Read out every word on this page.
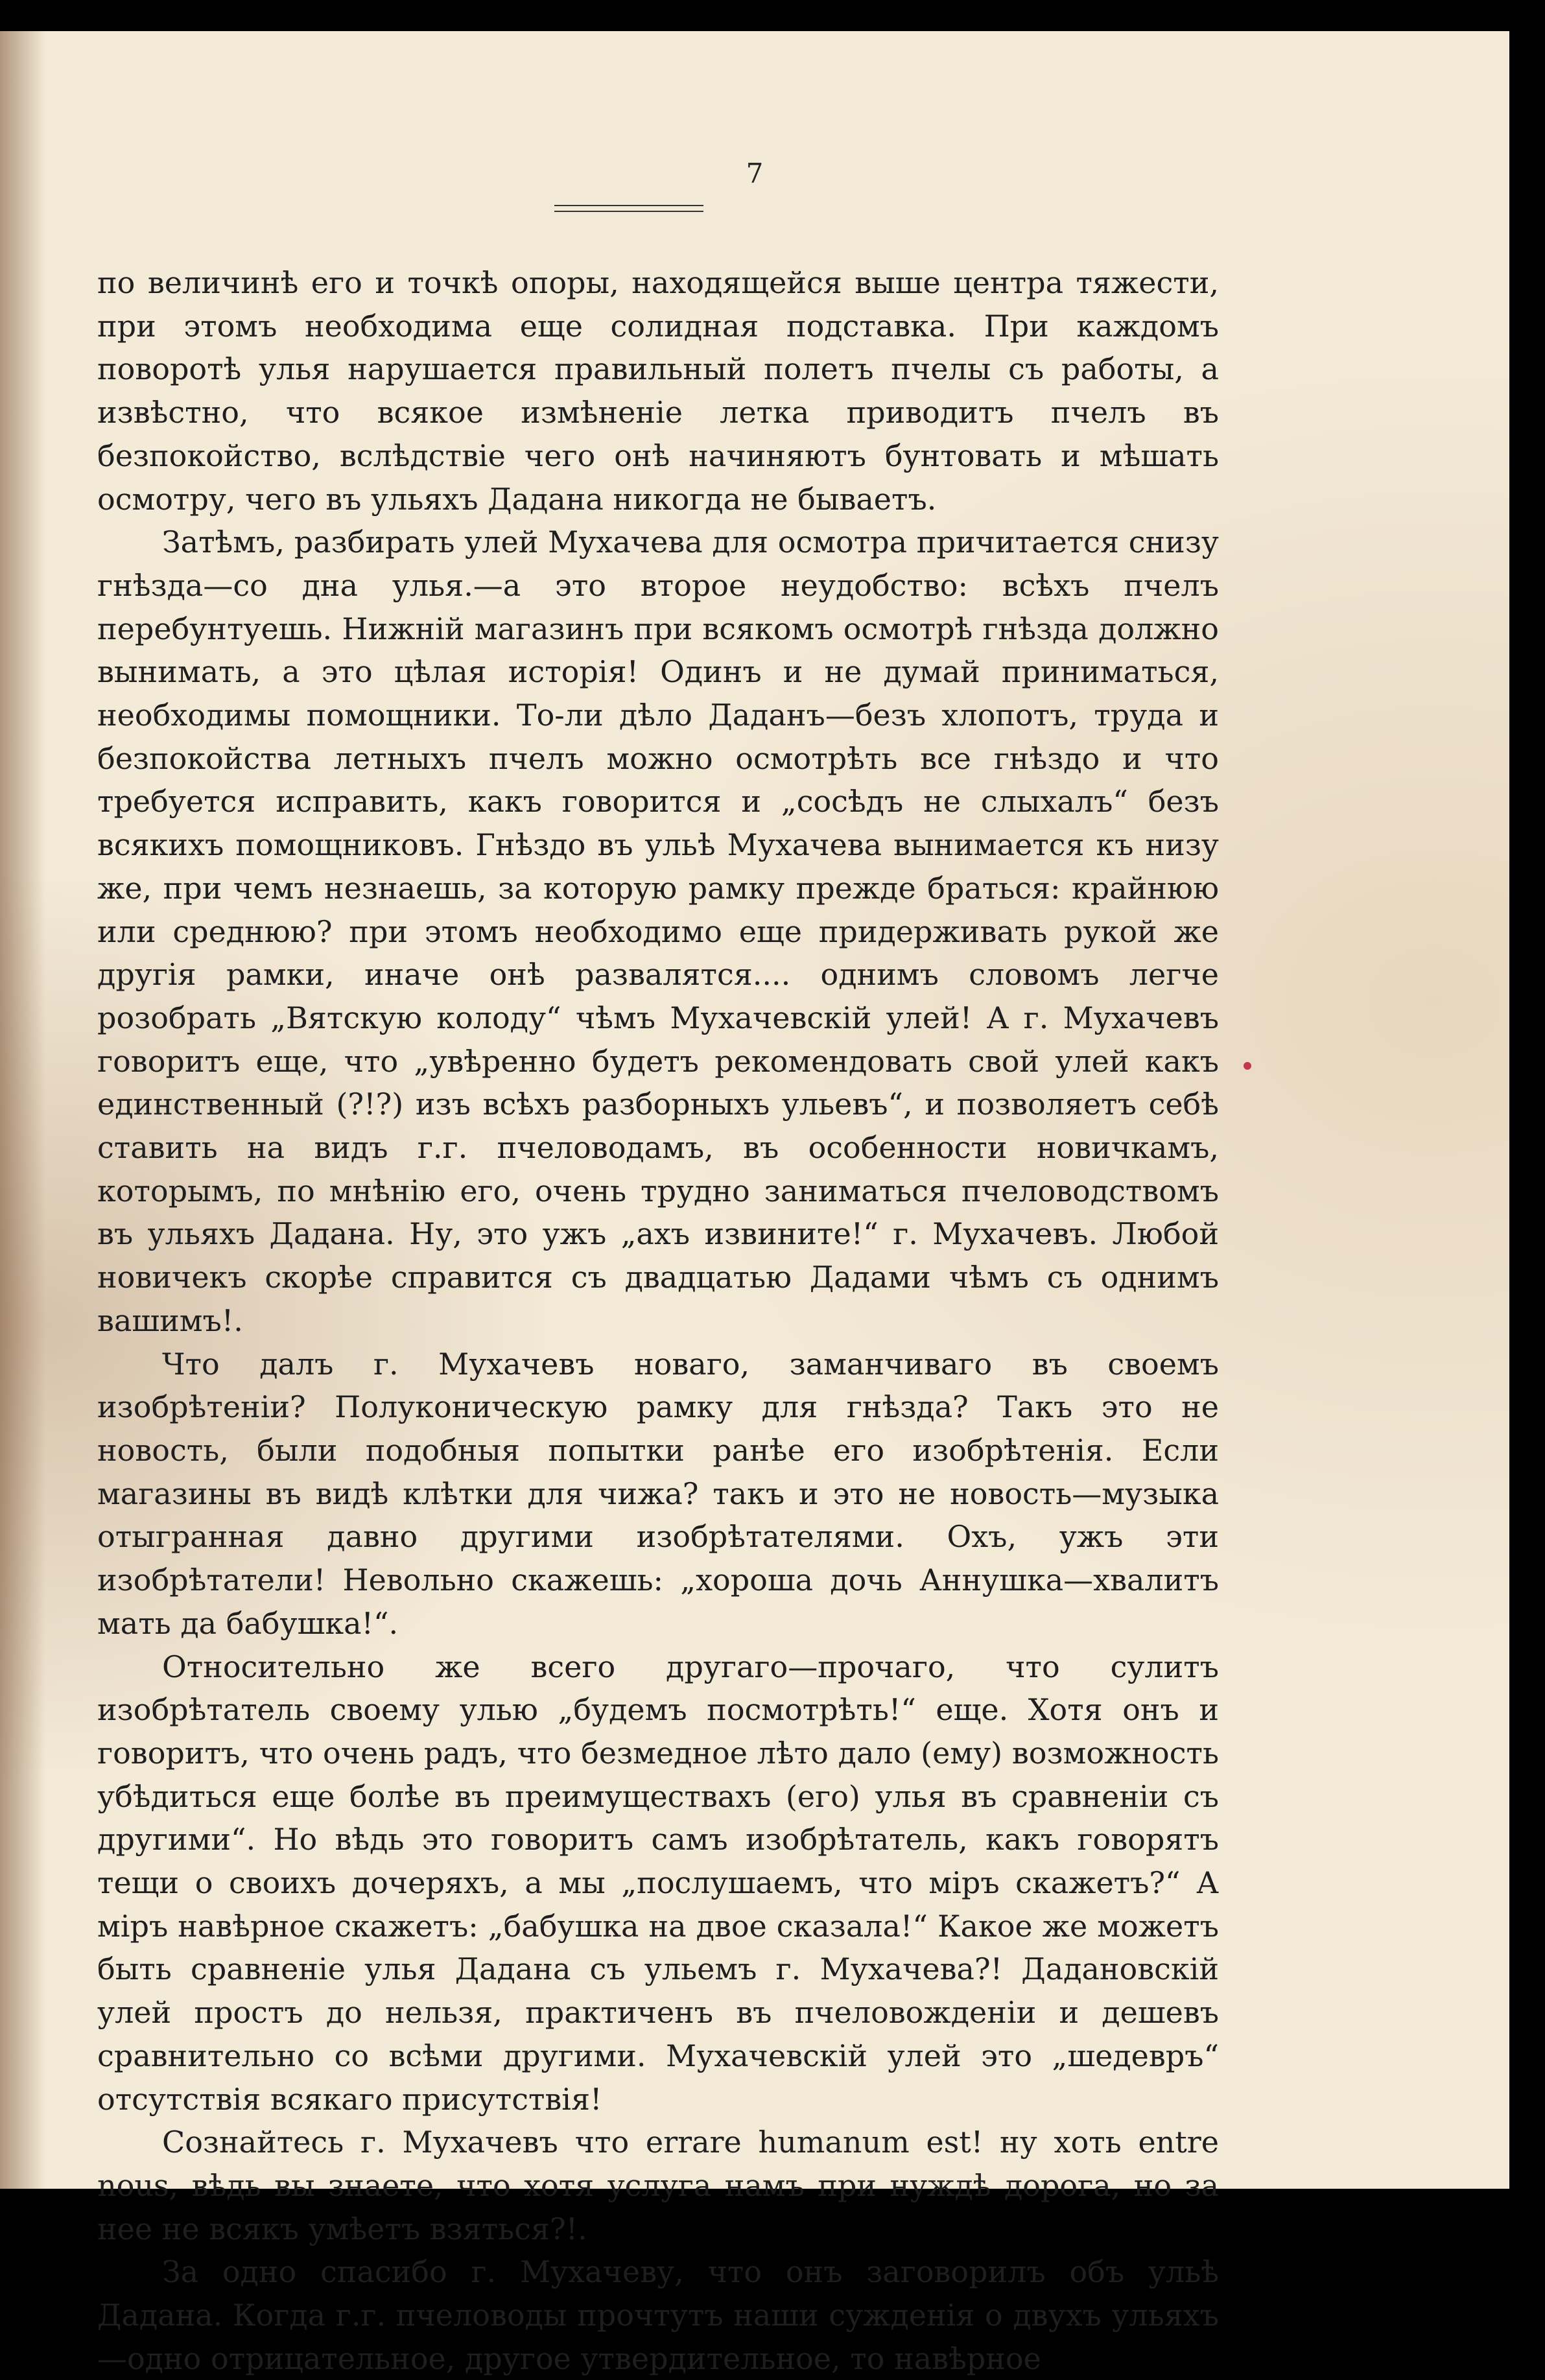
7

по величинѣ его и точкѣ опоры, находящейся выше центра тяжести, при этомъ необходима еще солидная подставка. При каждомъ поворотѣ улья нарушается правильный полетъ пчелы съ работы, а извѣстно, что всякое измѣненіе летка приводитъ пчелъ въ безпокойство, вслѣдствіе чего онѣ начиняютъ бунтовать и мѣшать осмотру, чего въ ульяхъ Дадана никогда не бываетъ.

Затѣмъ, разбирать улей Мухачева для осмотра причитается снизу гнѣзда—со дна улья.—а это второе неудобство: всѣхъ пчелъ перебунтуешь. Нижній магазинъ при всякомъ осмотрѣ гнѣзда должно вынимать, а это цѣлая исторія! Одинъ и не думай приниматься, необходимы помощники. То-ли дѣло Даданъ—безъ хлопотъ, труда и безпокойства летныхъ пчелъ можно осмотрѣть все гнѣздо и что требуется исправить, какъ говорится и „сосѣдъ не слыхалъ“ безъ всякихъ помощниковъ. Гнѣздо въ ульѣ Мухачева вынимается къ низу же, при чемъ незнаешь, за которую рамку прежде браться: крайнюю или среднюю? при этомъ необходимо еще придерживать рукой же другія рамки, иначе онѣ развалятся.... однимъ словомъ легче розобрать „Вятскую колоду“ чѣмъ Мухачевскій улей! А г. Мухачевъ говоритъ еще, что „увѣренно будетъ рекомендовать свой улей какъ единственный (?!?) изъ всѣхъ разборныхъ ульевъ“, и позволяетъ себѣ ставить на видъ г.г. пчеловодамъ, въ особенности новичкамъ, которымъ, по мнѣнію его, очень трудно заниматься пчеловодствомъ въ ульяхъ Дадана. Ну, это ужъ „ахъ извините!“ г. Мухачевъ. Любой новичекъ скорѣе справится съ двадцатью Дадами чѣмъ съ однимъ вашимъ!.

Что далъ г. Мухачевъ новаго, заманчиваго въ своемъ изобрѣтеніи? Полуконическую рамку для гнѣзда? Такъ это не новость, были подобныя попытки ранѣе его изобрѣтенія. Если магазины въ видѣ клѣтки для чижа? такъ и это не новость—музыка отыгранная давно другими изобрѣтателями. Охъ, ужъ эти изобрѣтатели! Невольно скажешь: „хороша дочь Аннушка—хвалитъ мать да бабушка!“.

Относительно же всего другаго—прочаго, что сулитъ изобрѣтатель своему улью „будемъ посмотрѣть!“ еще. Хотя онъ и говоритъ, что очень радъ, что безмедное лѣто дало (ему) возможность убѣдиться еще болѣе въ преимуществахъ (его) улья въ сравненіи съ другими“. Но вѣдь это говоритъ самъ изобрѣтатель, какъ говорятъ тещи о своихъ дочеряхъ, а мы „послушаемъ, что міръ скажетъ?“ А міръ навѣрное скажетъ: „бабушка на двое сказала!“ Какое же можетъ быть сравненіе улья Дадана съ ульемъ г. Мухачева?! Дадановскій улей простъ до нельзя, практиченъ въ пчеловожденіи и дешевъ сравнительно со всѣми другими. Мухачевскій улей это „шедевръ“ отсутствія всякаго присутствія!

Сознайтесь г. Мухачевъ что errare humanum est! ну хоть entre nous, вѣдь вы знаете, что хотя услуга намъ при нуждѣ дорога, но за нее не всякъ умѣетъ взяться?!.

За одно спасибо г. Мухачеву, что онъ заговорилъ объ ульѣ Дадана. Когда г.г. пчеловоды прочтутъ наши сужденія о двухъ ульяхъ—одно отрицательное, другое утвердительное, то навѣрное
